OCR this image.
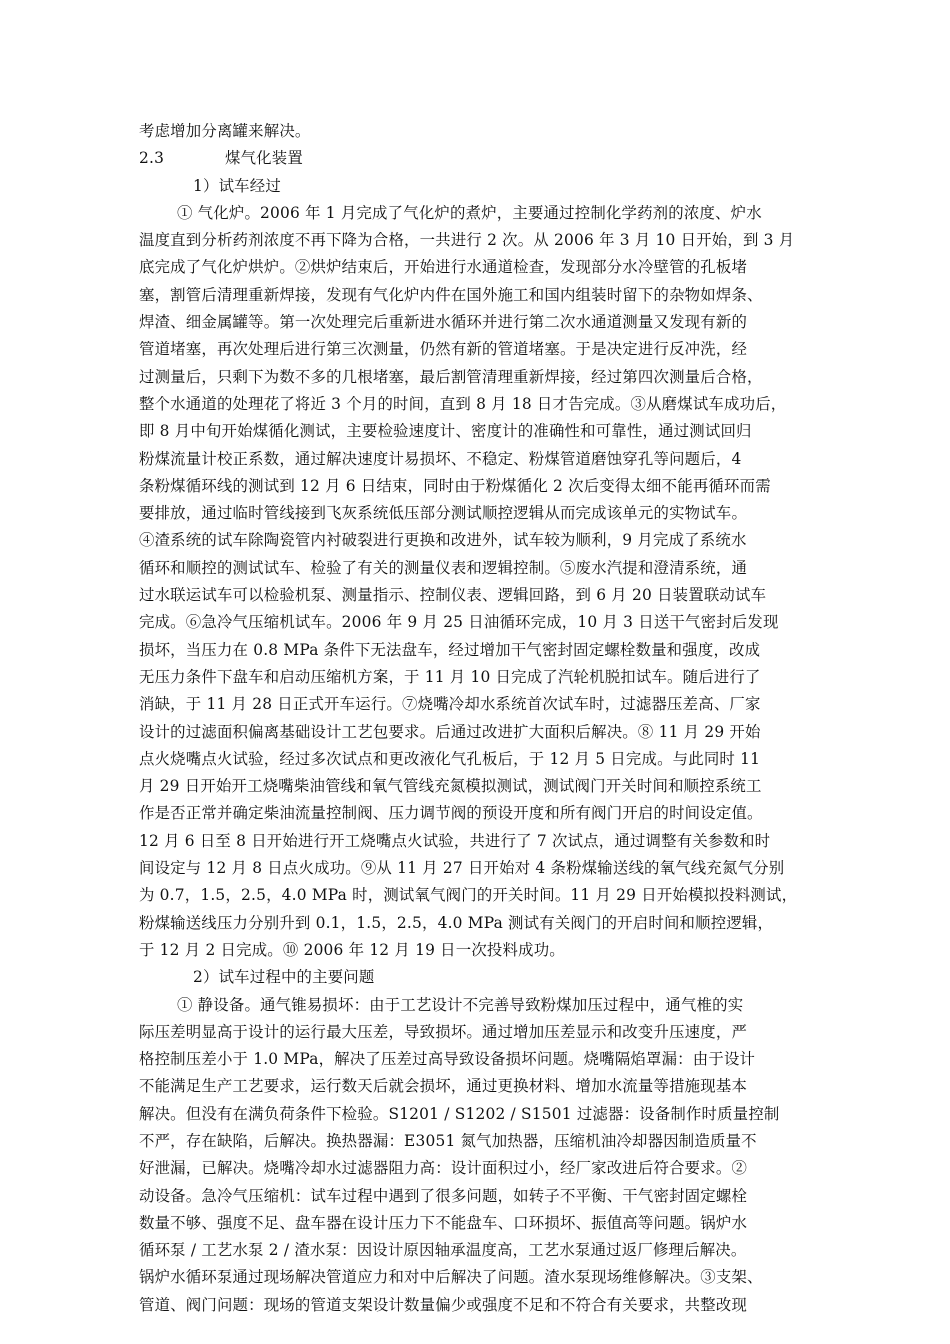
考虑增加分离罐来解决。
2.3	煤气化装置
1）试车经过
① 气化炉。2006 年 1 月完成了气化炉的煮炉，主要通过控制化学药剂的浓度、炉水
温度直到分析药剂浓度不再下降为合格，一共进行 2 次。从 2006 年 3 月 10 日开始，到 3 月
底完成了气化炉烘炉。②烘炉结束后，开始进行水通道检查，发现部分水冷壁管的孔板堵
塞，割管后清理重新焊接，发现有气化炉内件在国外施工和国内组装时留下的杂物如焊条、
焊渣、细金属罐等。第一次处理完后重新进水循环并进行第二次水通道测量又发现有新的
管道堵塞，再次处理后进行第三次测量，仍然有新的管道堵塞。于是决定进行反冲洗，经
过测量后，只剩下为数不多的几根堵塞，最后割管清理重新焊接，经过第四次测量后合格，
整个水通道的处理花了将近 3 个月的时间，直到 8 月 18 日才告完成。③从磨煤试车成功后，
即 8 月中旬开始煤循化测试，主要检验速度计、密度计的准确性和可靠性，通过测试回归
粉煤流量计校正系数，通过解决速度计易损坏、不稳定、粉煤管道磨蚀穿孔等问题后，4
条粉煤循环线的测试到 12 月 6 日结束，同时由于粉煤循化 2 次后变得太细不能再循环而需
要排放，通过临时管线接到飞灰系统低压部分测试顺控逻辑从而完成该单元的实物试车。
④渣系统的试车除陶瓷管内衬破裂进行更换和改进外，试车较为顺利，9 月完成了系统水
循环和顺控的测试试车、检验了有关的测量仪表和逻辑控制。⑤废水汽提和澄清系统，通
过水联运试车可以检验机泵、测量指示、控制仪表、逻辑回路，到 6 月 20 日装置联动试车
完成。⑥急冷气压缩机试车。2006 年 9 月 25 日油循环完成，10 月 3 日送干气密封后发现
损坏，当压力在 0.8 MPa 条件下无法盘车，经过增加干气密封固定螺栓数量和强度，改成
无压力条件下盘车和启动压缩机方案，于 11 月 10 日完成了汽轮机脱扣试车。随后进行了
消缺，于 11 月 28 日正式开车运行。⑦烧嘴冷却水系统首次试车时，过滤器压差高、厂家
设计的过滤面积偏离基础设计工艺包要求。后通过改进扩大面积后解决。⑧ 11 月 29 开始
点火烧嘴点火试验，经过多次试点和更改液化气孔板后，于 12 月 5 日完成。与此同时 11
月 29 日开始开工烧嘴柴油管线和氧气管线充氮模拟测试，测试阀门开关时间和顺控系统工
作是否正常并确定柴油流量控制阀、压力调节阀的预设开度和所有阀门开启的时间设定值。
12 月 6 日至 8 日开始进行开工烧嘴点火试验，共进行了 7 次试点，通过调整有关参数和时
间设定与 12 月 8 日点火成功。⑨从 11 月 27 日开始对 4 条粉煤输送线的氧气线充氮气分别
为 0.7，1.5，2.5，4.0 MPa 时，测试氧气阀门的开关时间。11 月 29 日开始模拟投料测试，
粉煤输送线压力分别升到 0.1，1.5，2.5，4.0 MPa 测试有关阀门的开启时间和顺控逻辑，
于 12 月 2 日完成。⑩ 2006 年 12 月 19 日一次投料成功。
2）试车过程中的主要问题
① 静设备。通气锥易损坏：由于工艺设计不完善导致粉煤加压过程中，通气椎的实
际压差明显高于设计的运行最大压差，导致损坏。通过增加压差显示和改变升压速度，严
格控制压差小于 1.0 MPa，解决了压差过高导致设备损坏问题。烧嘴隔焰罩漏：由于设计
不能满足生产工艺要求，运行数天后就会损坏，通过更换材料、增加水流量等措施现基本
解决。但没有在满负荷条件下检验。S1201 / S1202 / S1501 过滤器：设备制作时质量控制
不严，存在缺陷，后解决。换热器漏：E3051 氮气加热器，压缩机油冷却器因制造质量不
好泄漏，已解决。烧嘴冷却水过滤器阻力高：设计面积过小，经厂家改进后符合要求。②
动设备。急冷气压缩机：试车过程中遇到了很多问题，如转子不平衡、干气密封固定螺栓
数量不够、强度不足、盘车器在设计压力下不能盘车、口环损坏、振值高等问题。锅炉水
循环泵 / 工艺水泵 2 / 渣水泵：因设计原因轴承温度高，工艺水泵通过返厂修理后解决。
锅炉水循环泵通过现场解决管道应力和对中后解决了问题。渣水泵现场维修解决。③支架、
管道、阀门问题：现场的管道支架设计数量偏少或强度不足和不符合有关要求，共整改现
